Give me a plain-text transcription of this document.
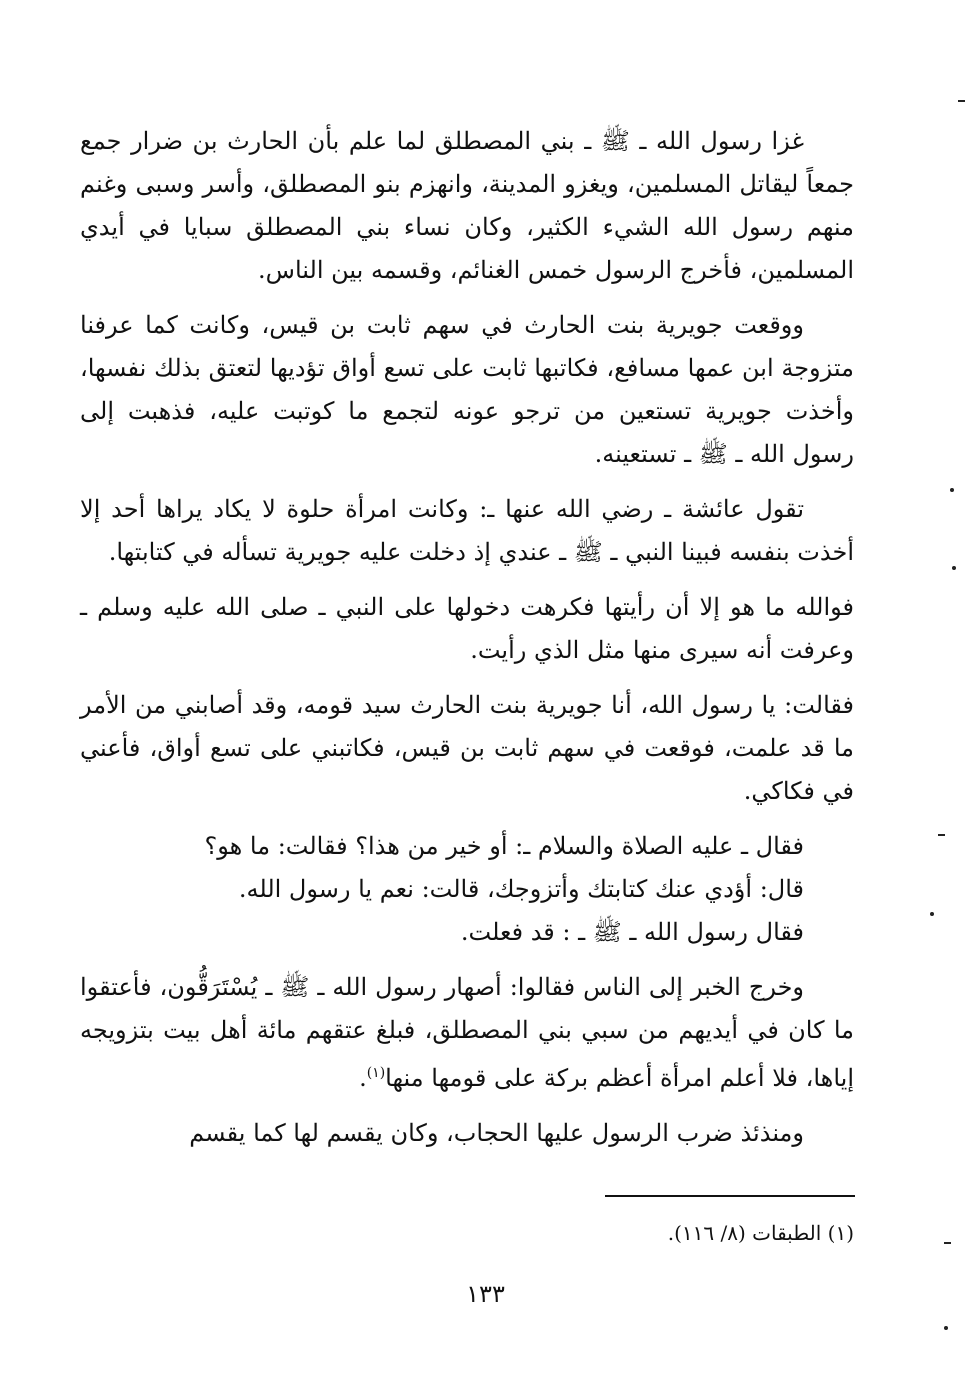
غزا رسول الله ـ ﷺ ـ بني المصطلق لما علم بأن الحارث بن ضرار جمع جمعاً ليقاتل المسلمين، ويغزو المدينة، وانهزم بنو المصطلق، وأسر وسبى وغنم منهم رسول الله الشيء الكثير، وكان نساء بني المصطلق سبايا في أيدي المسلمين، فأخرج الرسول خمس الغنائم، وقسمه بين الناس.

ووقعت جويرية بنت الحارث في سهم ثابت بن قيس، وكانت كما عرفنا متزوجة ابن عمها مسافع، فكاتبها ثابت على تسع أواق تؤديها لتعتق بذلك نفسها، وأخذت جويرية تستعين من ترجو عونه لتجمع ما كوتبت عليه، فذهبت إلى رسول الله ـ ﷺ ـ تستعينه.

تقول عائشة ـ رضي الله عنها ـ: وكانت امرأة حلوة لا يكاد يراها أحد إلا أخذت بنفسه فبينا النبي ـ ﷺ ـ عندي إذ دخلت عليه جويرية تسأله في كتابتها.

فوالله ما هو إلا أن رأيتها فكرهت دخولها على النبي ـ صلى الله عليه وسلم ـ وعرفت أنه سيرى منها مثل الذي رأيت.

فقالت: يا رسول الله، أنا جويرية بنت الحارث سيد قومه، وقد أصابني من الأمر ما قد علمت، فوقعت في سهم ثابت بن قيس، فكاتبني على تسع أواق، فأعني في فكاكي.

فقال ـ عليه الصلاة والسلام ـ: أو خير من هذا؟ فقالت: ما هو؟

قال: أؤدي عنك كتابتك وأتزوجك، قالت: نعم يا رسول الله.

فقال رسول الله ـ ﷺ ـ : قد فعلت.

وخرج الخبر إلى الناس فقالوا: أصهار رسول الله ـ ﷺ ـ يُسْتَرَقُّون، فأعتقوا ما كان في أيديهم من سبي بني المصطلق، فبلغ عتقهم مائة أهل بيت بتزويجه إياها، فلا أعلم امرأة أعظم بركة على قومها منها$^{(١)}$.

ومنذئذ ضرب الرسول عليها الحجاب، وكان يقسم لها كما يقسم

(١) الطبقات (٨/ ١١٦).
١٣٣
